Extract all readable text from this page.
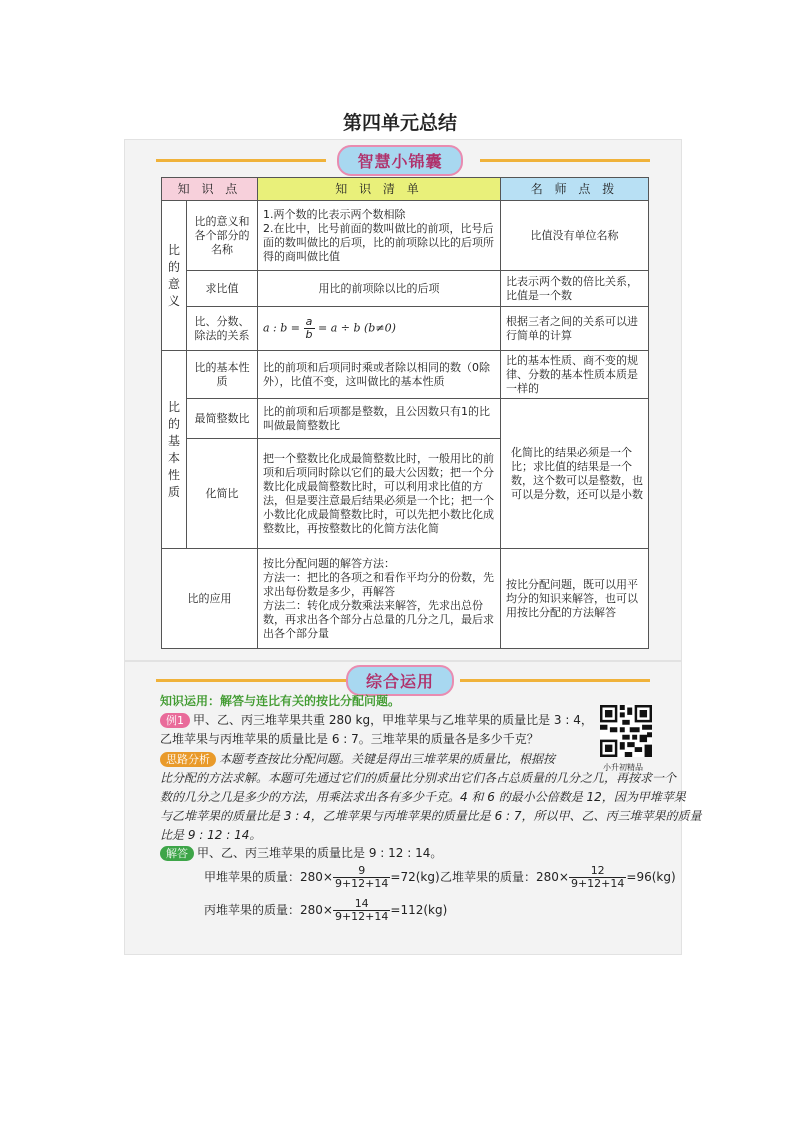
第四单元总结
智慧小锦囊
知 识 点		知 识 清 单	名 师 点 拨
比的意义	比的意义和各个部分的名称	1.两个数的比表示两个数相除
2.在比中，比号前面的数叫做比的前项，比号后面的数叫做比的后项，比的前项除以比的后项所得的商叫做比值	比值没有单位名称
	求比值	用比的前项除以比的后项	比表示两个数的倍比关系，比值是一个数
	比、分数、除法的关系	a : $b = \frac{a}{b} = a \div b$ (b≠0)	根据三者之间的关系可以进行简单的计算
比的基本性质	比的基本性质	比的前项和后项同时乘或者除以相同的数（0除外），比值不变，这叫做比的基本性质	比的基本性质、商不变的规律、分数的基本性质本质是一样的
	最简整数比	比的前项和后项都是整数，且公因数只有1的比叫做最简整数比	化简比的结果必须是一个比；求比值的结果是一个数，这个数可以是整数，也可以是分数，还可以是小数
	化简比	把一个整数比化成最简整数比时，一般用比的前项和后项同时除以它们的最大公因数；把一个分数比化成最简整数比时，可以利用求比值的方法，但是要注意最后结果必须是一个比；把一个小数比化成最简整数比时，可以先把小数比化成整数比，再按整数比的化简方法化简	
比的应用		按比分配问题的解答方法：
方法一：把比的各项之和看作平均分的份数，先求出每份数是多少，再解答
方法二：转化成分数乘法来解答，先求出总份数，再求出各个部分占总量的几分之几，最后求出各个部分量	按比分配问题，既可以用平均分的知识来解答，也可以用按比分配的方法解答
综合运用
知识运用：解答与连比有关的按比分配问题。
例1 甲、乙、丙三堆苹果共重 280 kg，甲堆苹果与乙堆苹果的质量比是 3 : 4，
乙堆苹果与丙堆苹果的质量比是 6 : 7。三堆苹果的质量各是多少千克？
小升初精品
思路分析 本题考查按比分配问题。关键是得出三堆苹果的质量比，根据按
比分配的方法求解。本题可先通过它们的质量比分别求出它们各占总质量的几分之几，再按求一个
数的几分之几是多少的方法，用乘法求出各有多少千克。4 和 6 的最小公倍数是 12，因为甲堆苹果
与乙堆苹果的质量比是 3 : 4，乙堆苹果与丙堆苹果的质量比是 6 : 7，所以甲、乙、丙三堆苹果的质量
比是 9 : 12 : 14。
解答 甲、乙、丙三堆苹果的质量比是 9 : 12 : 14。
甲堆苹果的质量：$280\times \frac{9}{9+12+14} =72(kg)$ 乙堆苹果的质量：$280\times \frac{12}{9+12+14} =96(kg)$
丙堆苹果的质量：$280\times \frac{14}{9+12+14} =112(kg)$
